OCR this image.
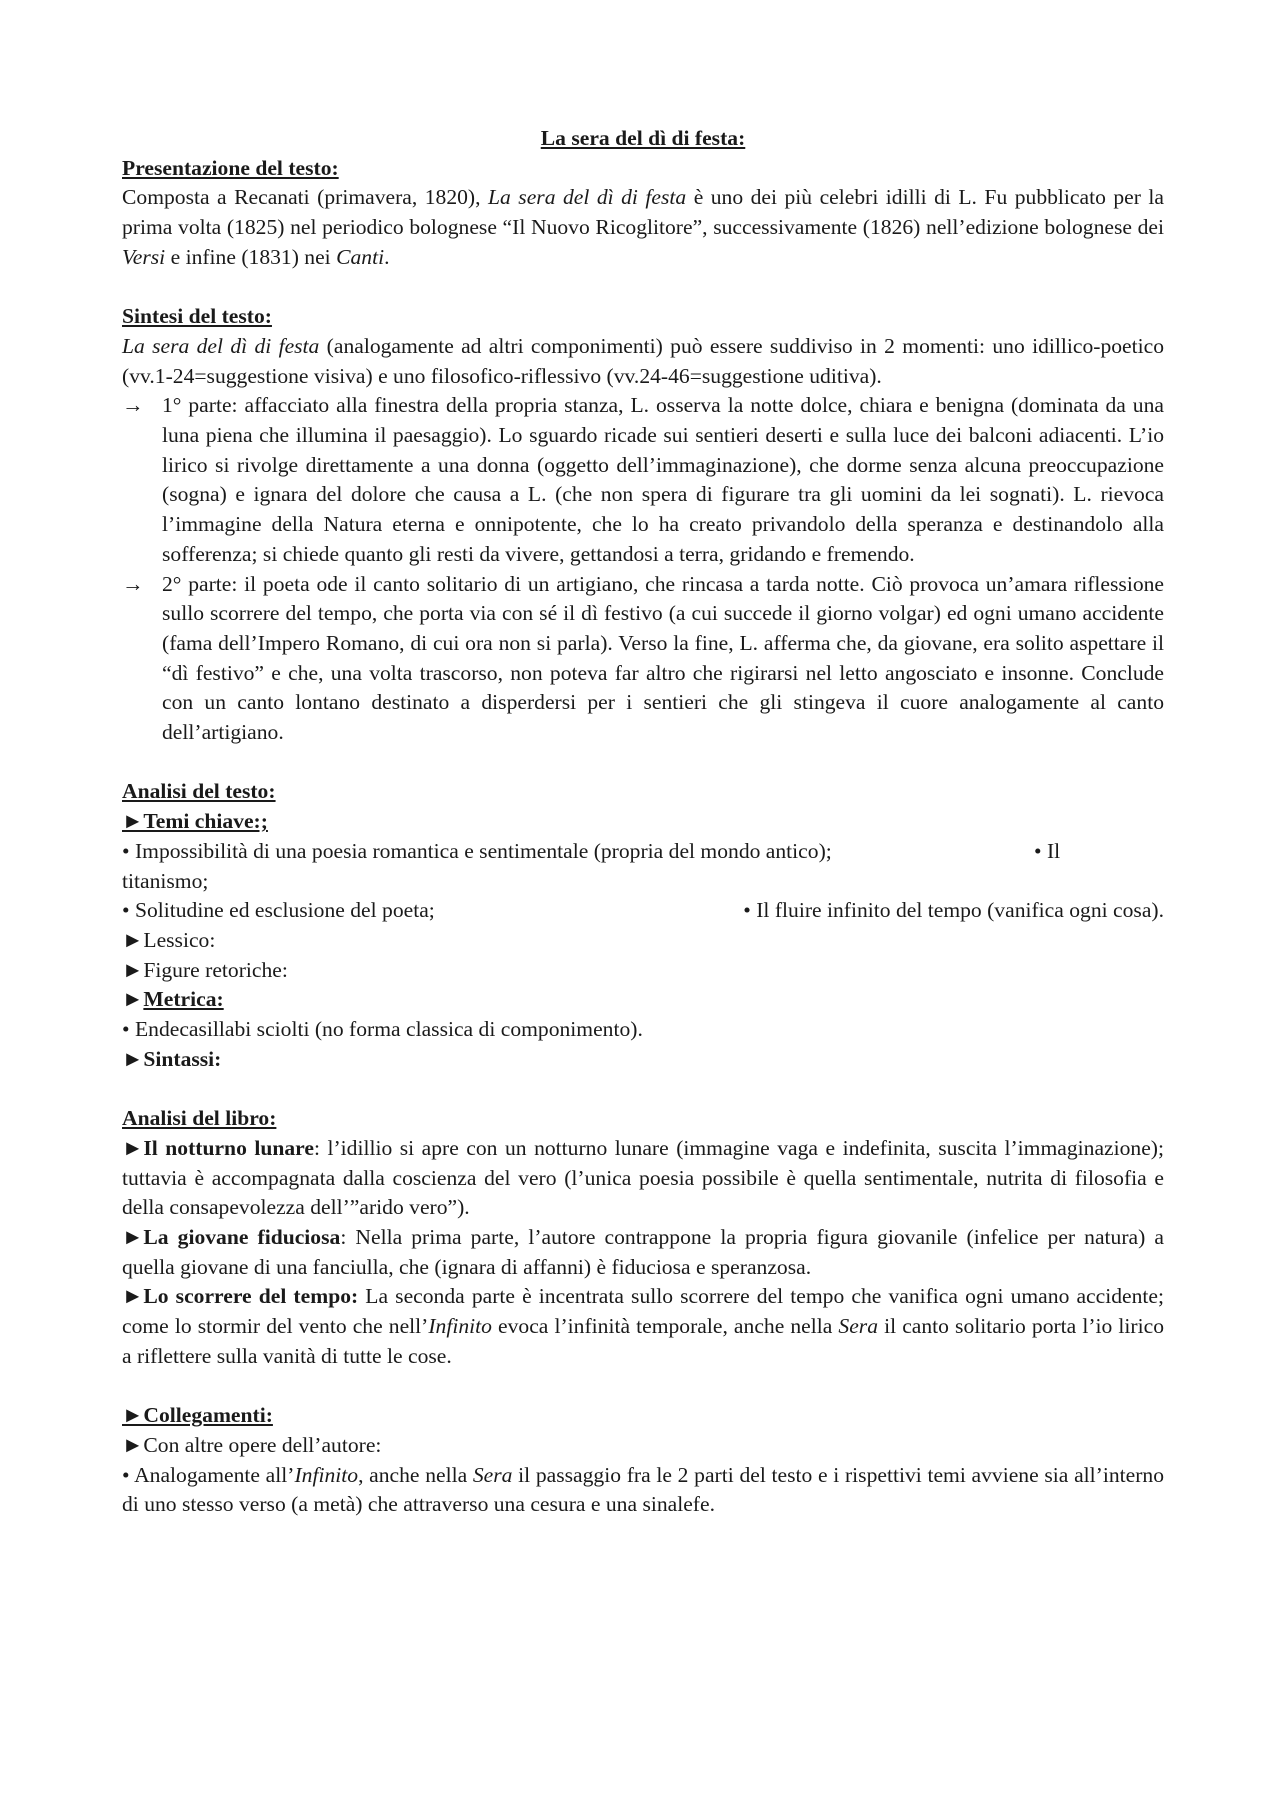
La sera del dì di festa:

Presentazione del testo:

Composta a Recanati (primavera, 1820), La sera del dì di festa è uno dei più celebri idilli di L. Fu pubblicato per la prima volta (1825) nel periodico bolognese “Il Nuovo Ricoglitore”, successivamente (1826) nell’edizione bolognese dei Versi e infine (1831) nei Canti.

Sintesi del testo:

La sera del dì di festa (analogamente ad altri componimenti) può essere suddiviso in 2 momenti: uno idillico-poetico (vv.1-24=suggestione visiva) e uno filosofico-riflessivo (vv.24-46=suggestione uditiva).

→ 1° parte: affacciato alla finestra della propria stanza, L. osserva la notte dolce, chiara e benigna (dominata da una luna piena che illumina il paesaggio). Lo sguardo ricade sui sentieri deserti e sulla luce dei balconi adiacenti. L’io lirico si rivolge direttamente a una donna (oggetto dell’immaginazione), che dorme senza alcuna preoccupazione (sogna) e ignara del dolore che causa a L. (che non spera di figurare tra gli uomini da lei sognati). L. rievoca l’immagine della Natura eterna e onnipotente, che lo ha creato privandolo della speranza e destinandolo alla sofferenza; si chiede quanto gli resti da vivere, gettandosi a terra, gridando e fremendo.
→ 2° parte: il poeta ode il canto solitario di un artigiano, che rincasa a tarda notte. Ciò provoca un’amara riflessione sullo scorrere del tempo, che porta via con sé il dì festivo (a cui succede il giorno volgar) ed ogni umano accidente (fama dell’Impero Romano, di cui ora non si parla). Verso la fine, L. afferma che, da giovane, era solito aspettare il “dì festivo” e che, una volta trascorso, non poteva far altro che rigirarsi nel letto angosciato e insonne. Conclude con un canto lontano destinato a disperdersi per i sentieri che gli stingeva il cuore analogamente al canto dell’artigiano.

Analisi del testo:

►Temi chiave:;

• Impossibilità di una poesia romantica e sentimentale (propria del mondo antico);	• Il

titanismo;

• Solitudine ed esclusione del poeta;	• Il fluire infinito del tempo (vanifica ogni cosa).

►Lessico:

►Figure retoriche:

►Metrica:

• Endecasillabi sciolti (no forma classica di componimento).

►Sintassi:

Analisi del libro:

►Il notturno lunare: l’idillio si apre con un notturno lunare (immagine vaga e indefinita, suscita l’immaginazione); tuttavia è accompagnata dalla coscienza del vero (l’unica poesia possibile è quella sentimentale, nutrita di filosofia e della consapevolezza dell’”arido vero”).

►La giovane fiduciosa: Nella prima parte, l’autore contrappone la propria figura giovanile (infelice per natura) a quella giovane di una fanciulla, che (ignara di affanni) è fiduciosa e speranzosa.

►Lo scorrere del tempo: La seconda parte è incentrata sullo scorrere del tempo che vanifica ogni umano accidente; come lo stormir del vento che nell’Infinito evoca l’infinità temporale, anche nella Sera il canto solitario porta l’io lirico a riflettere sulla vanità di tutte le cose.

►Collegamenti:

►Con altre opere dell’autore:

• Analogamente all’Infinito, anche nella Sera il passaggio fra le 2 parti del testo e i rispettivi temi avviene sia all’interno di uno stesso verso (a metà) che attraverso una cesura e una sinalefe.
